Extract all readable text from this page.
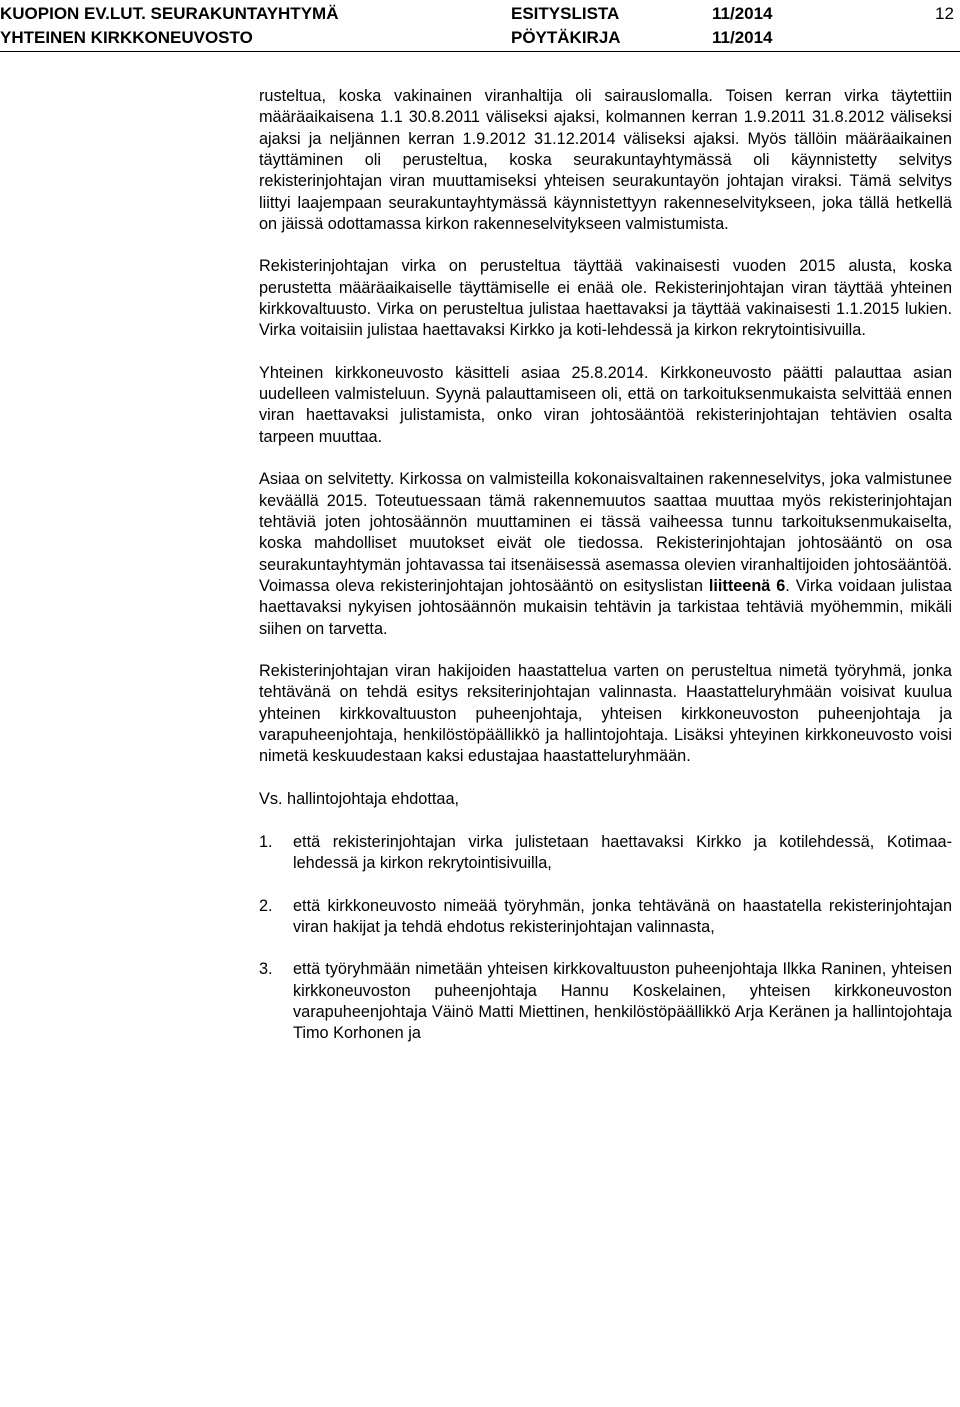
KUOPION EV.LUT. SEURAKUNTAYHTYMÄ	ESITYSLISTA	11/2014
YHTEINEN KIRKKONEUVOSTO	PÖYTÄKIRJA	11/2014
12

rusteltua, koska vakinainen viranhaltija oli sairauslomalla. Toisen kerran virka täytettiin määräaikaisena 1.1 30.8.2011 väliseksi ajaksi, kolmannen kerran 1.9.2011 31.8.2012 väliseksi ajaksi ja neljännen kerran 1.9.2012 31.12.2014 väliseksi ajaksi. Myös tällöin määräaikainen täyttäminen oli perusteltua, koska seurakuntayhtymässä oli käynnistetty selvitys rekisterinjohtajan viran muuttamiseksi yhteisen seurakuntayön johtajan viraksi. Tämä selvitys liittyi laajempaan seurakuntayhtymässä käynnistettyyn rakenneselvitykseen, joka tällä hetkellä on jäissä odottamassa kirkon rakenneselvitykseen valmistumista.

Rekisterinjohtajan virka on perusteltua täyttää vakinaisesti vuoden 2015 alusta, koska perustetta määräaikaiselle täyttämiselle ei enää ole. Rekisterinjohtajan viran täyttää yhteinen kirkkovaltuusto. Virka on perusteltua julistaa haettavaksi ja täyttää vakinaisesti 1.1.2015 lukien. Virka voitaisiin julistaa haettavaksi Kirkko ja koti-lehdessä ja kirkon rekrytointisivuilla.

Yhteinen kirkkoneuvosto käsitteli asiaa 25.8.2014. Kirkkoneuvosto päätti palauttaa asian uudelleen valmisteluun. Syynä palauttamiseen oli, että on tarkoituksenmukaista selvittää ennen viran haettavaksi julistamista, onko viran johtosääntöä rekisterinjohtajan tehtävien osalta tarpeen muuttaa.

Asiaa on selvitetty. Kirkossa on valmisteilla kokonaisvaltainen rakenneselvitys, joka valmistunee keväällä 2015. Toteutuessaan tämä rakennemuutos saattaa muuttaa myös rekisterinjohtajan tehtäviä joten johtosäännön muuttaminen ei tässä vaiheessa tunnu tarkoituksenmukaiselta, koska mahdolliset muutokset eivät ole tiedossa. Rekisterinjohtajan johtosääntö on osa seurakuntayhtymän johtavassa tai itsenäisessä asemassa olevien viranhaltijoiden johtosääntöä. Voimassa oleva rekisterinjohtajan johtosääntö on esityslistan liitteenä 6. Virka voidaan julistaa haettavaksi nykyisen johtosäännön mukaisin tehtävin ja tarkistaa tehtäviä myöhemmin, mikäli siihen on tarvetta.

Rekisterinjohtajan viran hakijoiden haastattelua varten on perusteltua nimetä työryhmä, jonka tehtävänä on tehdä esitys reksiterinjohtajan valinnasta. Haastatteluryhmään voisivat kuulua yhteinen kirkkovaltuuston puheenjohtaja, yhteisen kirkkoneuvoston puheenjohtaja ja varapuheenjohtaja, henkilöstöpäällikkö ja hallintojohtaja. Lisäksi yhteyinen kirkkoneuvosto voisi nimetä keskuudestaan kaksi edustajaa haastatteluryhmään.

Vs. hallintojohtaja ehdottaa,

1. että rekisterinjohtajan virka julistetaan haettavaksi Kirkko ja kotilehdessä, Kotimaa-lehdessä ja kirkon rekrytointisivuilla,
2. että kirkkoneuvosto nimeää työryhmän, jonka tehtävänä on haastatella rekisterinjohtajan viran hakijat ja tehdä ehdotus rekisterinjohtajan valinnasta,
3. että työryhmään nimetään yhteisen kirkkovaltuuston puheenjohtaja Ilkka Raninen, yhteisen kirkkoneuvoston puheenjohtaja Hannu Koskelainen, yhteisen kirkkoneuvoston varapuheenjohtaja Väinö Matti Miettinen, henkilöstöpäällikkö Arja Keränen ja hallintojohtaja Timo Korhonen ja
